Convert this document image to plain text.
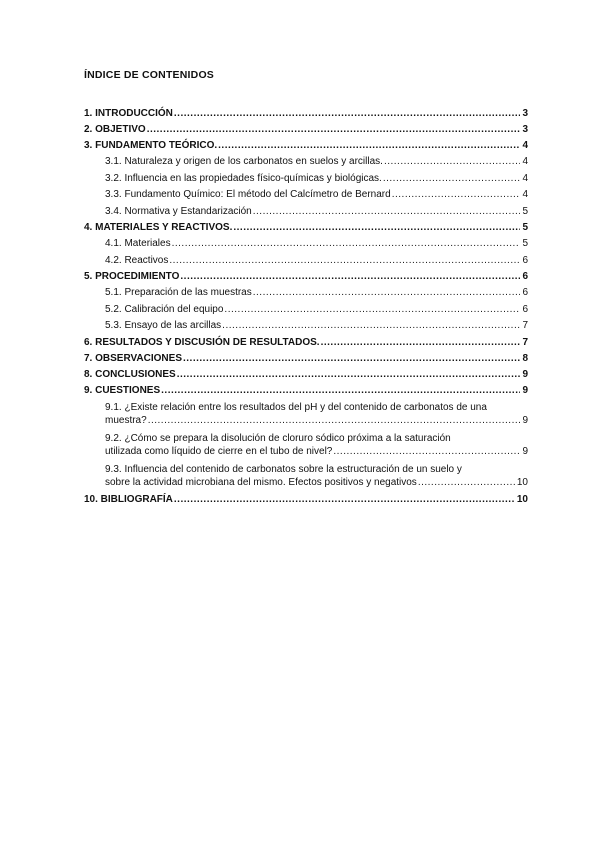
ÍNDICE DE CONTENIDOS
1. INTRODUCCIÓN .....	3
2. OBJETIVO .....	3
3. FUNDAMENTO TEÓRICO. .....	4
3.1. Naturaleza y origen de los carbonatos en suelos y arcillas. .....	4
3.2. Influencia en las propiedades físico-químicas y biológicas. .....	4
3.3. Fundamento Químico: El método del Calcímetro de Bernard .....	4
3.4. Normativa y Estandarización .....	5
4. MATERIALES Y REACTIVOS. .....	5
4.1. Materiales .....	5
4.2. Reactivos .....	6
5. PROCEDIMIENTO .....	6
5.1. Preparación de las muestras .....	6
5.2. Calibración del equipo .....	6
5.3. Ensayo de las arcillas .....	7
6. RESULTADOS Y DISCUSIÓN DE RESULTADOS. .....	7
7. OBSERVACIONES .....	8
8. CONCLUSIONES .....	9
9. CUESTIONES .....	9
9.1. ¿Existe relación entre los resultados del pH y del contenido de carbonatos de una
muestra? .....	9
9.2. ¿Cómo se prepara la disolución de cloruro sódico próxima a la saturación
utilizada como líquido de cierre en el tubo de nivel? .....	9
9.3. Influencia del contenido de carbonatos sobre la estructuración de un suelo y
sobre la actividad microbiana del mismo. Efectos positivos y negativos .....	10
10. BIBLIOGRAFÍA .....	10
